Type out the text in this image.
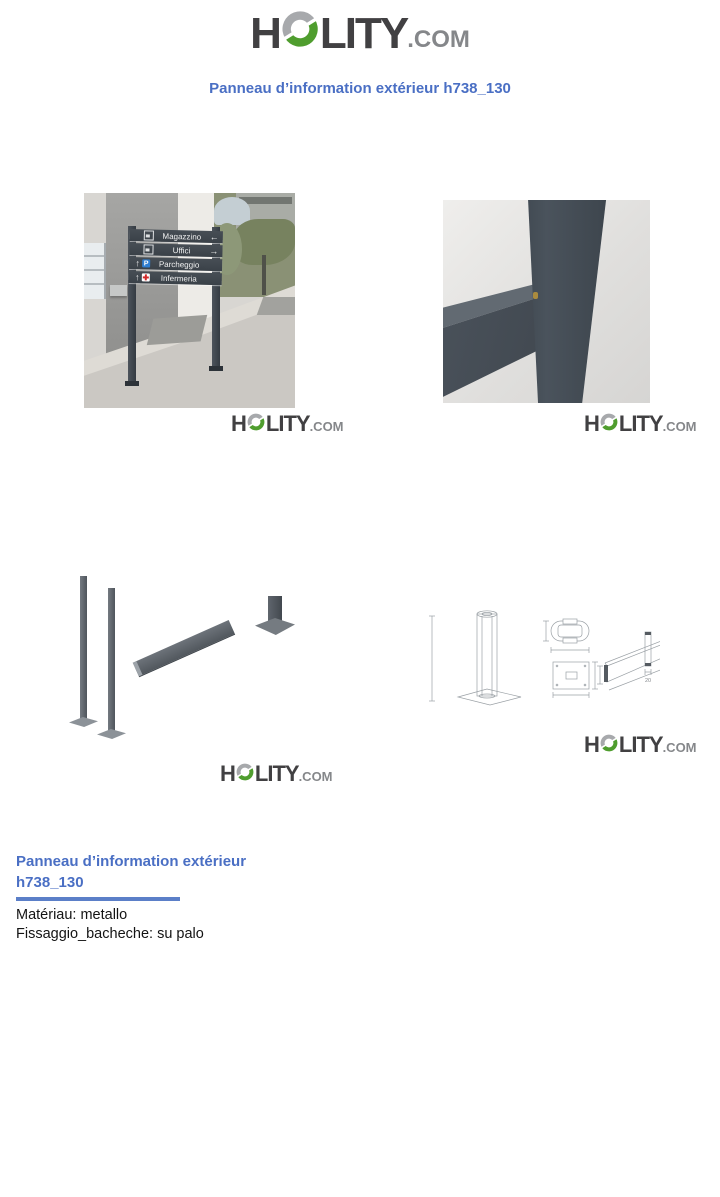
H LITY .COM
Panneau d’information extérieur h738_130
Magazzino ←
Uffici	→
↑ P	Parcheggio
↑	Infermeria
H LITY .COM	H LITY .COM
20
H LITY .COM
H LITY .COM
Panneau d’information extérieur
h738_130
Matériau: metallo
Fissaggio_bacheche: su palo
